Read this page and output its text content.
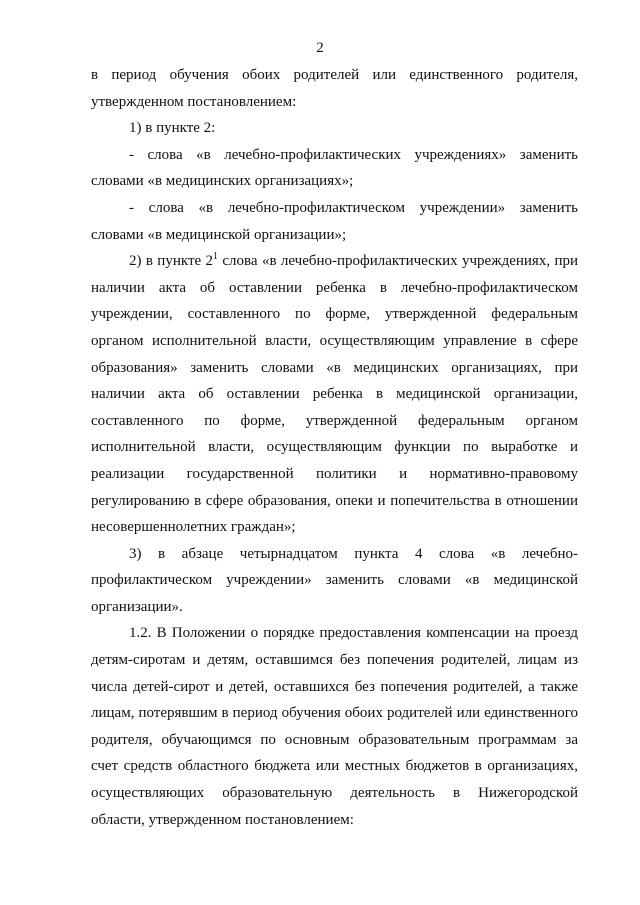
2

в период обучения обоих родителей или единственного родителя, утвержденном постановлением:

1) в пункте 2:

- слова «в лечебно-профилактических учреждениях» заменить словами «в медицинских организациях»;

- слова «в лечебно-профилактическом учреждении» заменить словами «в медицинской организации»;

2) в пункте $2^1$ слова «в лечебно-профилактических учреждениях, при наличии акта об оставлении ребенка в лечебно-профилактическом учреждении, составленного по форме, утвержденной федеральным органом исполнительной власти, осуществляющим управление в сфере образования» заменить словами «в медицинских организациях, при наличии акта об оставлении ребенка в медицинской организации, составленного по форме, утвержденной федеральным органом исполнительной власти, осуществляющим функции по выработке и реализации государственной политики и нормативно-правовому регулированию в сфере образования, опеки и попечительства в отношении несовершеннолетних граждан»;

3) в абзаце четырнадцатом пункта 4 слова «в лечебно-профилактическом учреждении» заменить словами «в медицинской организации».

1.2. В Положении о порядке предоставления компенсации на проезд детям-сиротам и детям, оставшимся без попечения родителей, лицам из числа детей-сирот и детей, оставшихся без попечения родителей, а также лицам, потерявшим в период обучения обоих родителей или единственного родителя, обучающимся по основным образовательным программам за счет средств областного бюджета или местных бюджетов в организациях, осуществляющих образовательную деятельность в Нижегородской области, утвержденном постановлением:
